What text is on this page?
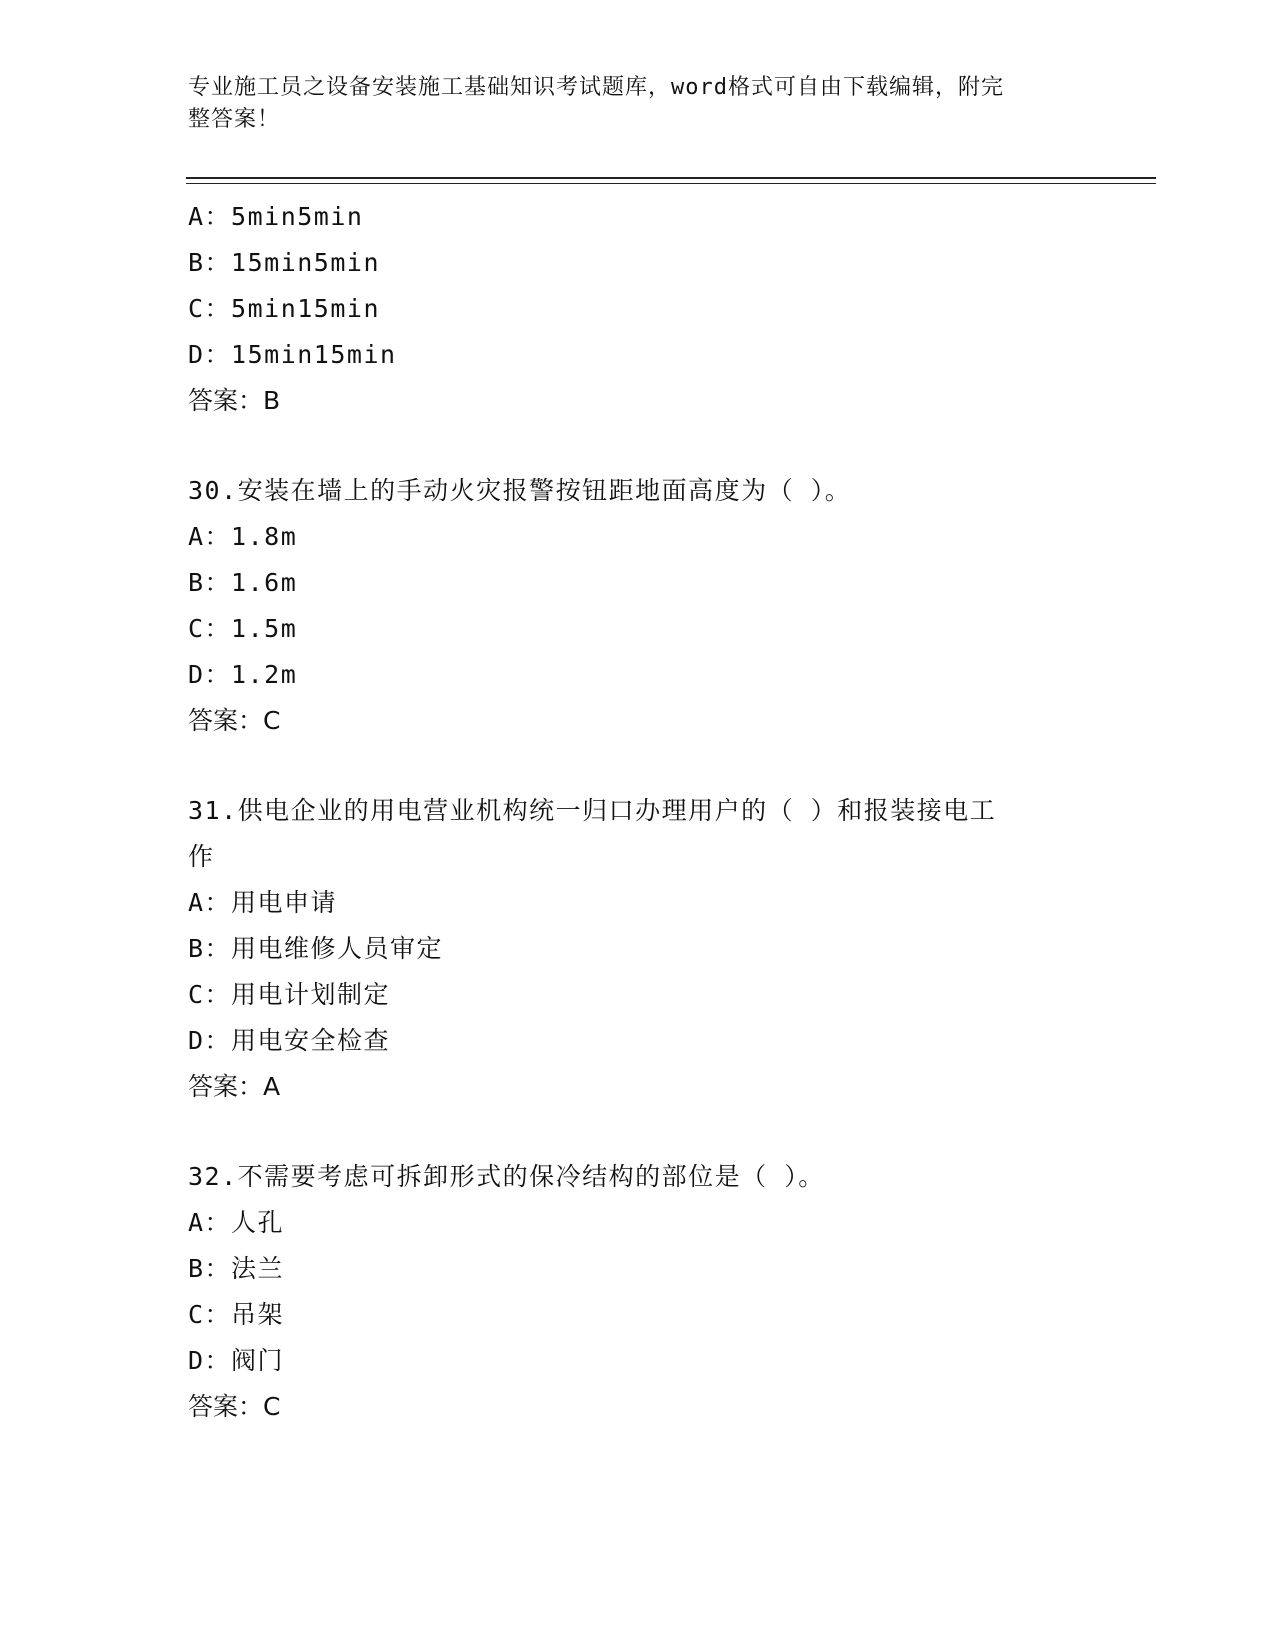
专业施工员之设备安装施工基础知识考试题库，word格式可自由下载编辑，附完
整答案！
A：5min5min
B：15min5min
C：5min15min
D：15min15min
答案：B
30.安装在墙上的手动火灾报警按钮距地面高度为（ ）。
A：1.8m
B：1.6m
C：1.5m
D：1.2m
答案：C
31.供电企业的用电营业机构统一归口办理用户的（ ）和报装接电工
作
A：用电申请
B：用电维修人员审定
C：用电计划制定
D：用电安全检查
答案：A
32.不需要考虑可拆卸形式的保冷结构的部位是（ ）。
A：人孔
B：法兰
C：吊架
D：阀门
答案：C
